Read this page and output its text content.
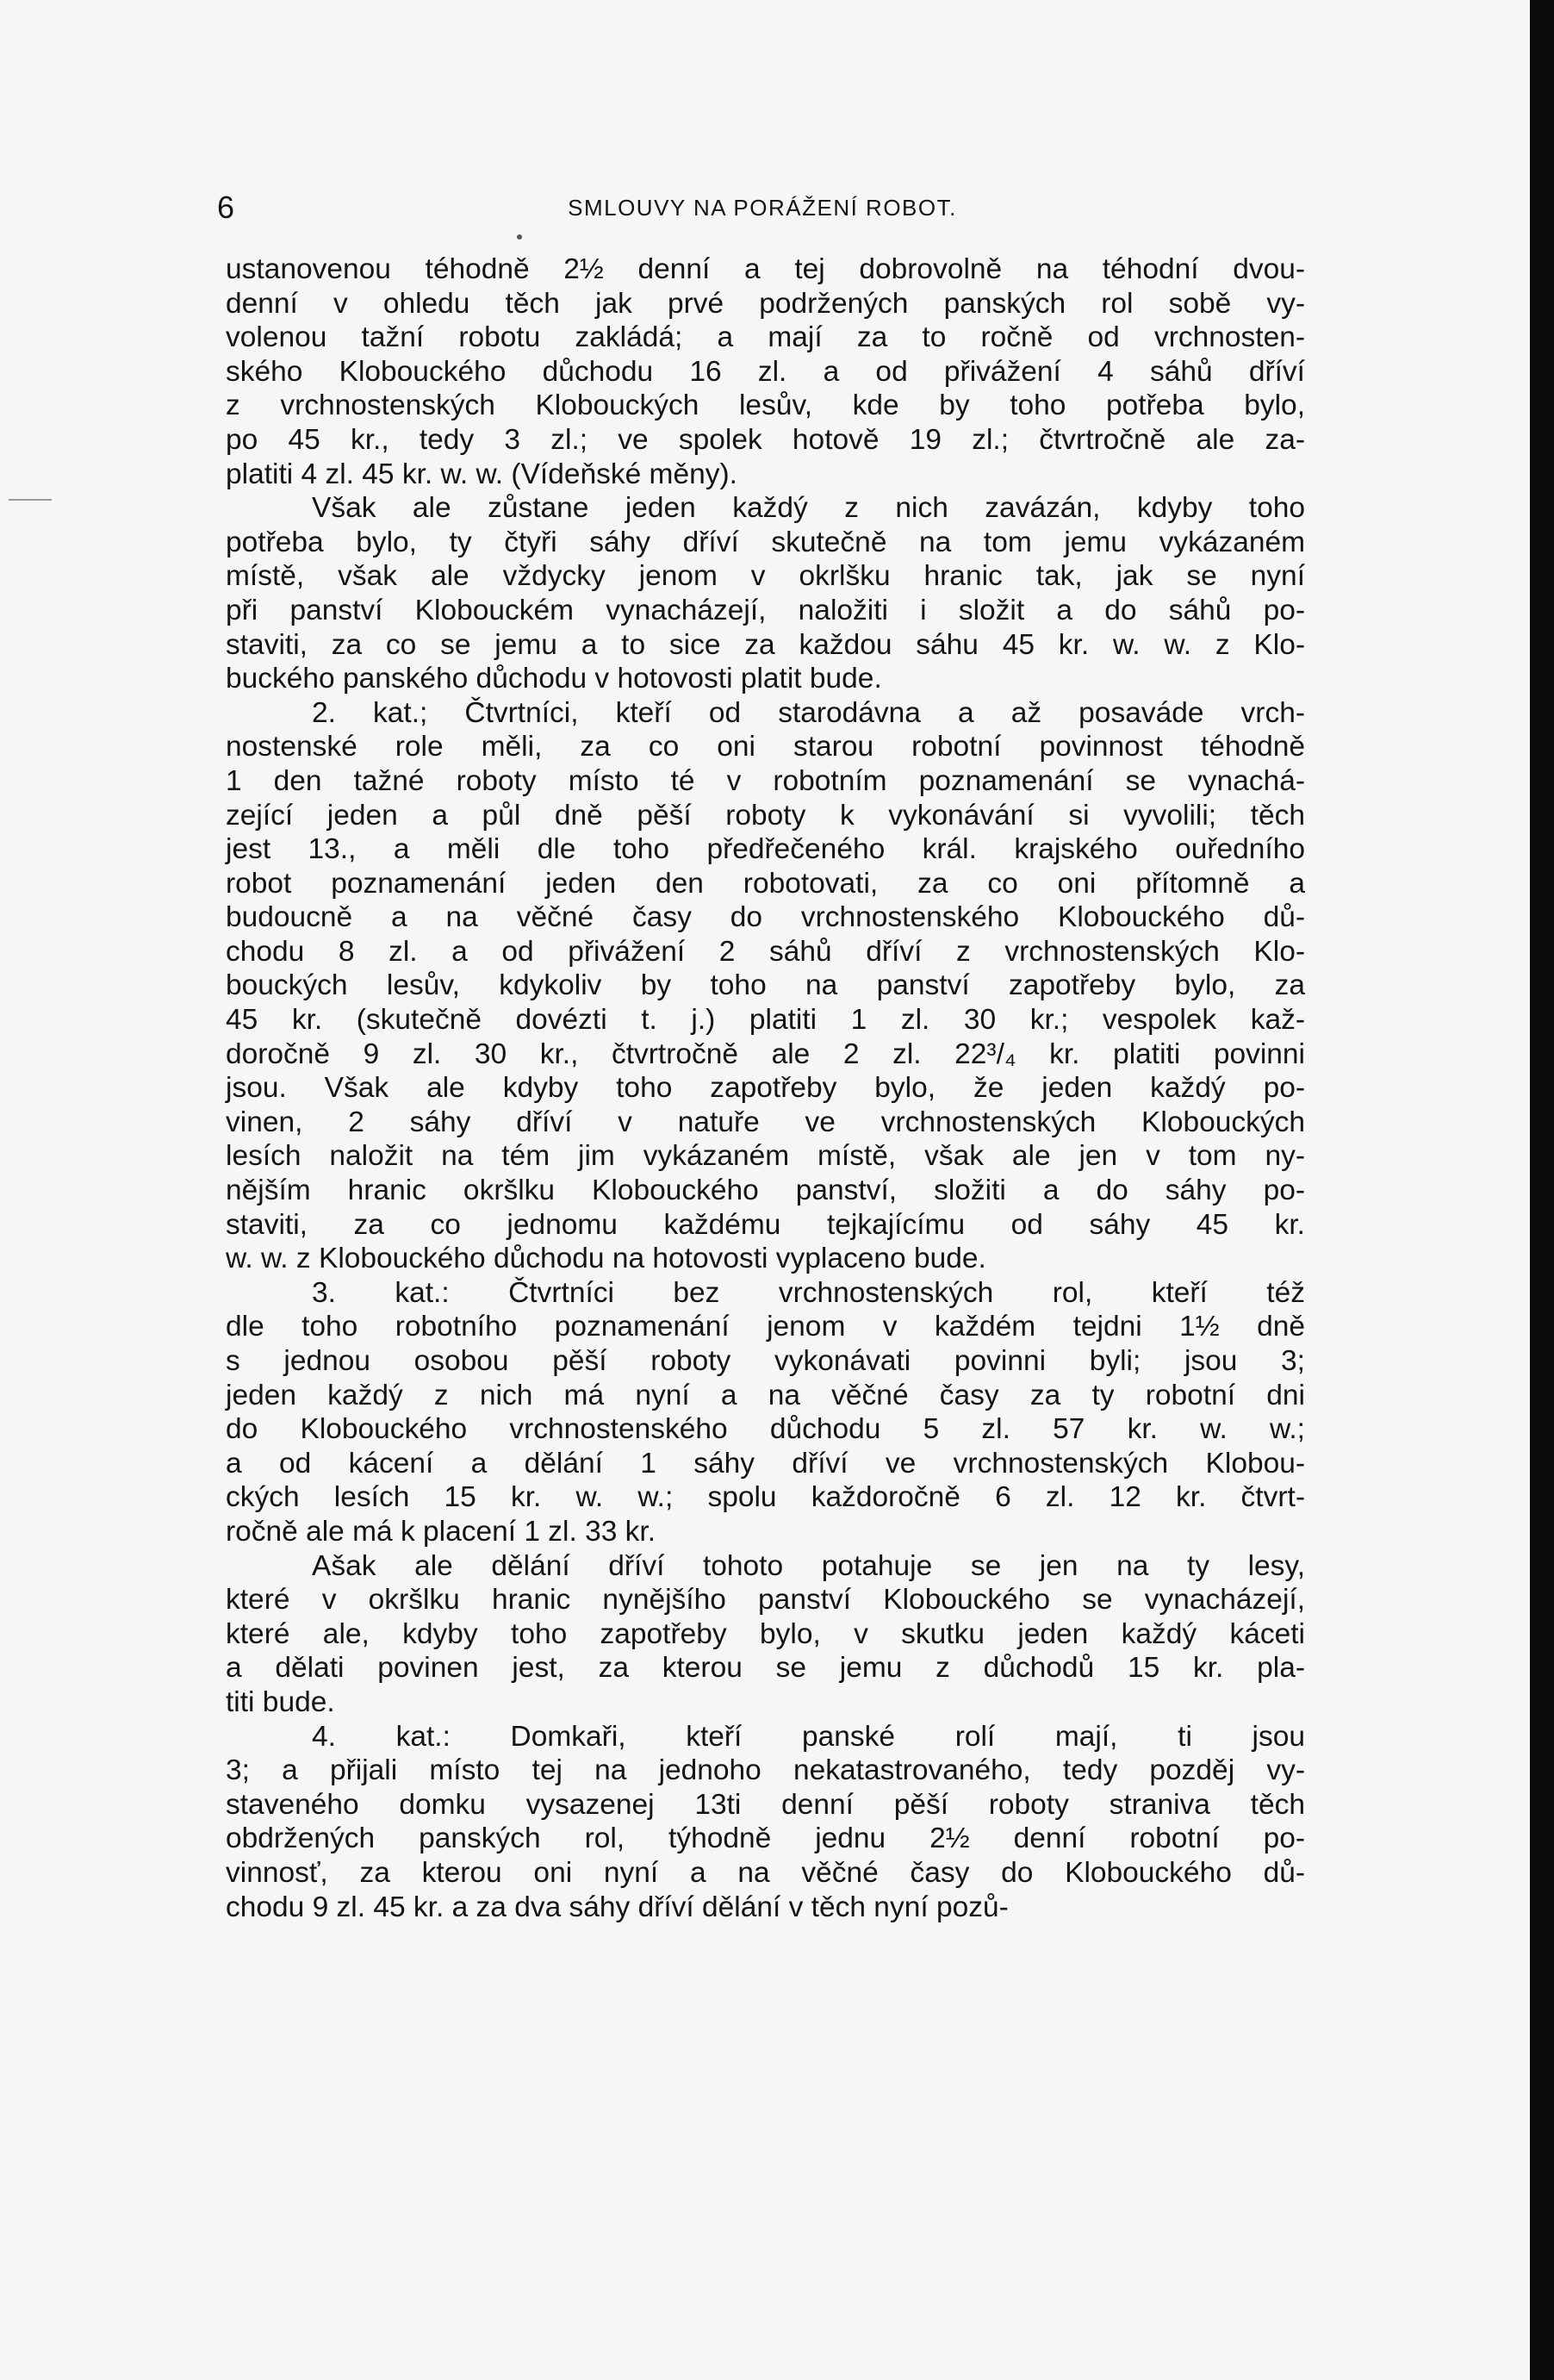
6	SMLOUVY NA PORÁŽENÍ ROBOT.
ustanovenou téhodně 2½ denní a tej dobrovolně na téhodní dvou-
denní v ohledu těch jak prvé podržených panských rol sobě vy-
volenou tažní robotu zakládá; a mají za to ročně od vrchnosten-
ského Klobouckého důchodu 16 zl. a od přivážení 4 sáhů dříví
z vrchnostenských Klobouckých lesův, kde by toho potřeba bylo,
po 45 kr., tedy 3 zl.; ve spolek hotově 19 zl.; čtvrtročně ale za-
platiti 4 zl. 45 kr. w. w. (Vídeňské měny).
Však ale zůstane jeden každý z nich zavázán, kdyby toho
potřeba bylo, ty čtyři sáhy dříví skutečně na tom jemu vykázaném
místě, však ale vždycky jenom v okrlšku hranic tak, jak se nyní
při panství Klobouckém vynacházejí, naložiti i složit a do sáhů po-
staviti, za co se jemu a to sice za každou sáhu 45 kr. w. w. z Klo-
buckého panského důchodu v hotovosti platit bude.
2. kat.; Čtvrtníci, kteří od starodávna a až posaváde vrch-
nostenské role měli, za co oni starou robotní povinnost téhodně
1 den tažné roboty místo té v robotním poznamenání se vynachá-
zející jeden a půl dně pěší roboty k vykonávání si vyvolili; těch
jest 13., a měli dle toho předřečeného král. krajského ouředního
robot poznamenání jeden den robotovati, za co oni přítomně a
budoucně a na věčné časy do vrchnostenského Klobouckého dů-
chodu 8 zl. a od přivážení 2 sáhů dříví z vrchnostenských Klo-
bouckých lesův, kdykoliv by toho na panství zapotřeby bylo, za
45 kr. (skutečně dovézti t. j.) platiti 1 zl. 30 kr.; vespolek kaž-
doročně 9 zl. 30 kr., čtvrtročně ale 2 zl. 22³/₄ kr. platiti povinni
jsou. Však ale kdyby toho zapotřeby bylo, že jeden každý po-
vinen, 2 sáhy dříví v natuře ve vrchnostenských Klobouckých
lesích naložit na tém jim vykázaném místě, však ale jen v tom ny-
nějším hranic okršlku Klobouckého panství, složiti a do sáhy po-
staviti, za co jednomu každému tejkajícímu od sáhy 45 kr.
w. w. z Klobouckého důchodu na hotovosti vyplaceno bude.
3. kat.: Čtvrtníci bez vrchnostenských rol, kteří též
dle toho robotního poznamenání jenom v každém tejdni 1½ dně
s jednou osobou pěší roboty vykonávati povinni byli; jsou 3;
jeden každý z nich má nyní a na věčné časy za ty robotní dni
do Klobouckého vrchnostenského důchodu 5 zl. 57 kr. w. w.;
a od kácení a dělání 1 sáhy dříví ve vrchnostenských Klobou-
ckých lesích 15 kr. w. w.; spolu každoročně 6 zl. 12 kr. čtvrt-
ročně ale má k placení 1 zl. 33 kr.
Ašak ale dělání dříví tohoto potahuje se jen na ty lesy,
které v okršlku hranic nynějšího panství Klobouckého se vynacházejí,
které ale, kdyby toho zapotřeby bylo, v skutku jeden každý káceti
a dělati povinen jest, za kterou se jemu z důchodů 15 kr. pla-
titi bude.
4. kat.: Domkaři, kteří panské rolí mají, ti jsou
3; a přijali místo tej na jednoho nekatastrovaného, tedy pozděj vy-
staveného domku vysazenej 13ti denní pěší roboty straniva těch
obdržených panských rol, týhodně jednu 2½ denní robotní po-
vinnosť, za kterou oni nyní a na věčné časy do Klobouckého dů-
chodu 9 zl. 45 kr. a za dva sáhy dříví dělání v těch nyní pozů-
